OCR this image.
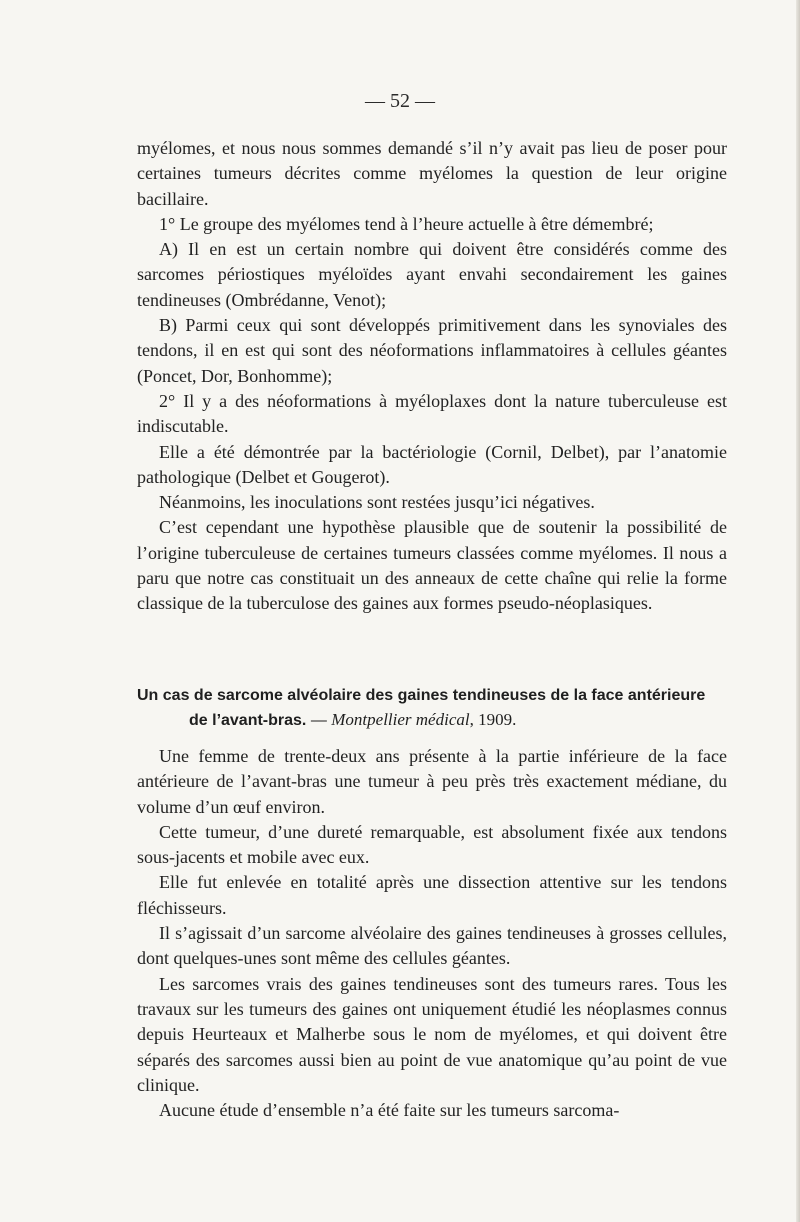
— 52 —

myélomes, et nous nous sommes demandé s’il n’y avait pas lieu de poser pour certaines tumeurs décrites comme myélomes la question de leur origine bacillaire.

1° Le groupe des myélomes tend à l’heure actuelle à être démembré;

A) Il en est un certain nombre qui doivent être considérés comme des sarcomes périostiques myéloïdes ayant envahi secondairement les gaines tendineuses (Ombrédanne, Venot);

B) Parmi ceux qui sont développés primitivement dans les synoviales des tendons, il en est qui sont des néoformations inflammatoires à cellules géantes (Poncet, Dor, Bonhomme);

2° Il y a des néoformations à myéloplaxes dont la nature tuberculeuse est indiscutable.

Elle a été démontrée par la bactériologie (Cornil, Delbet), par l’anatomie pathologique (Delbet et Gougerot).

Néanmoins, les inoculations sont restées jusqu’ici négatives.

C’est cependant une hypothèse plausible que de soutenir la possibilité de l’origine tuberculeuse de certaines tumeurs classées comme myélomes. Il nous a paru que notre cas constituait un des anneaux de cette chaîne qui relie la forme classique de la tuberculose des gaines aux formes pseudo-néoplasiques.

Un cas de sarcome alvéolaire des gaines tendineuses de la face antérieure
de l’avant-bras. — Montpellier médical, 1909.

Une femme de trente-deux ans présente à la partie inférieure de la face antérieure de l’avant-bras une tumeur à peu près très exactement médiane, du volume d’un œuf environ.

Cette tumeur, d’une dureté remarquable, est absolument fixée aux tendons sous-jacents et mobile avec eux.

Elle fut enlevée en totalité après une dissection attentive sur les tendons fléchisseurs.

Il s’agissait d’un sarcome alvéolaire des gaines tendineuses à grosses cellules, dont quelques-unes sont même des cellules géantes.

Les sarcomes vrais des gaines tendineuses sont des tumeurs rares. Tous les travaux sur les tumeurs des gaines ont uniquement étudié les néoplasmes connus depuis Heurteaux et Malherbe sous le nom de myélomes, et qui doivent être séparés des sarcomes aussi bien au point de vue anatomique qu’au point de vue clinique.

Aucune étude d’ensemble n’a été faite sur les tumeurs sarcoma-
